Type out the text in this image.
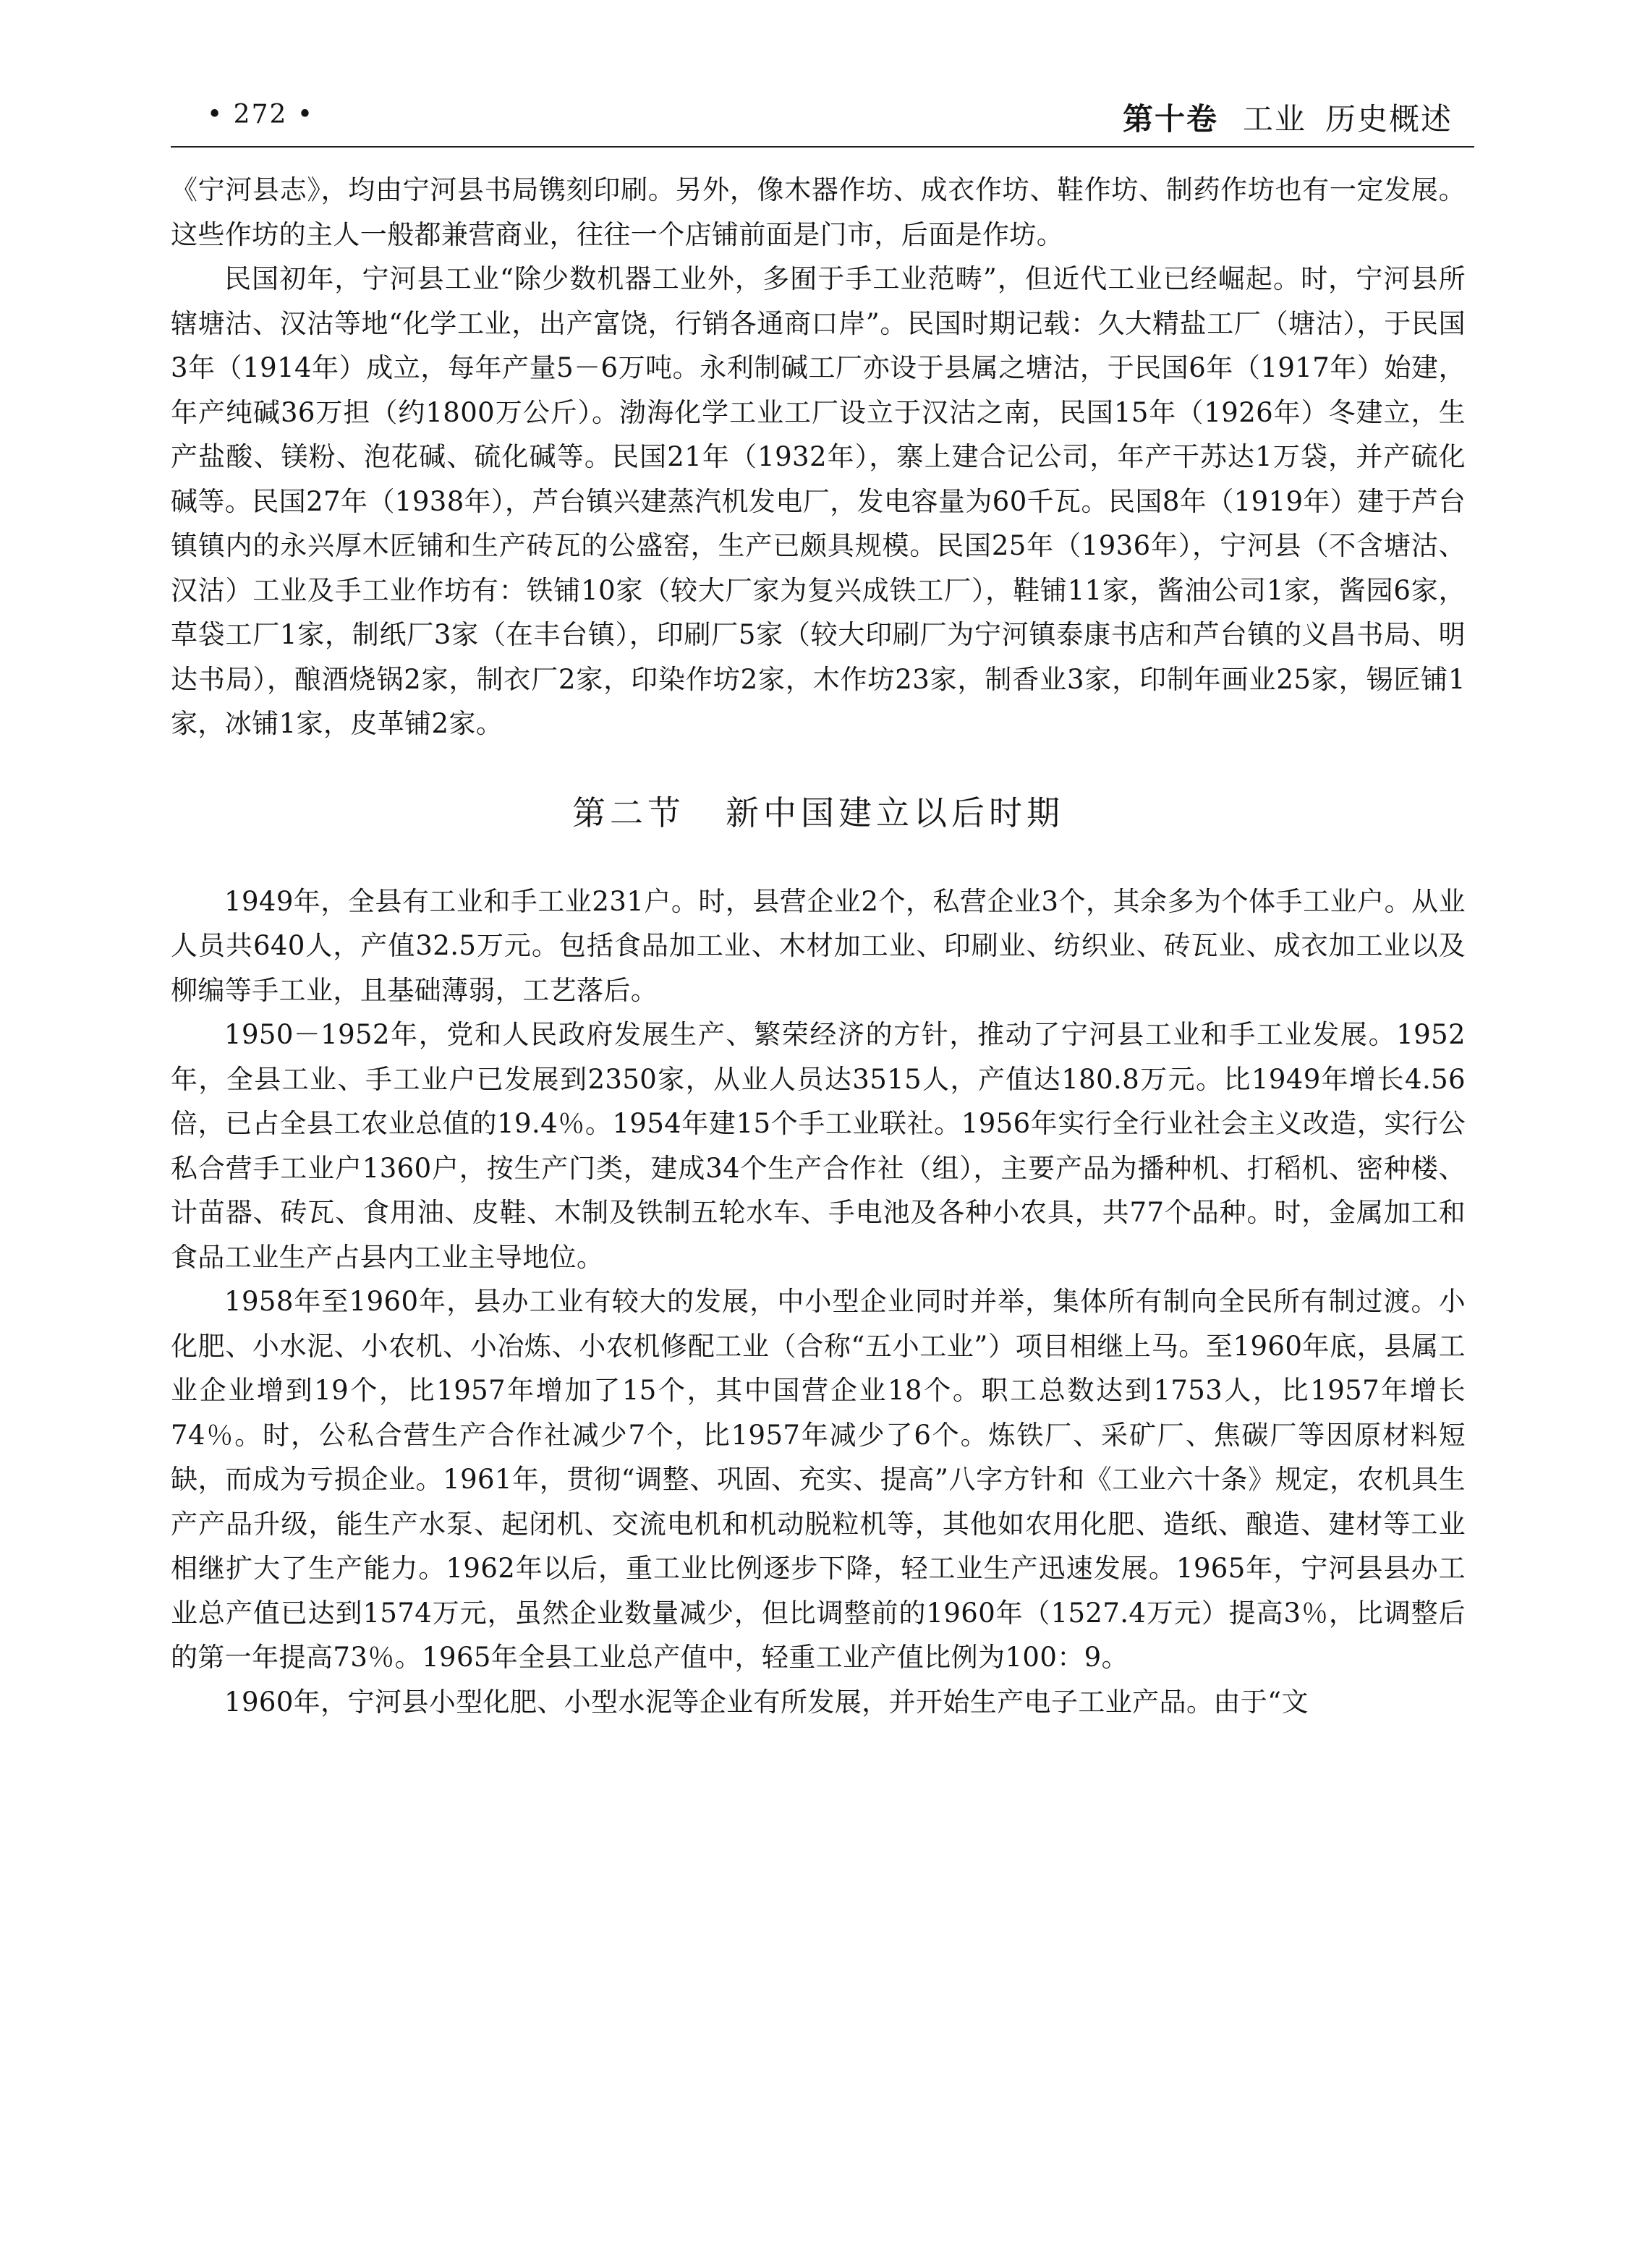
• 272 •	第十卷 工业 历史概述

《宁河县志》，均由宁河县书局镌刻印刷。另外，像木器作坊、成衣作坊、鞋作坊、制药作坊也有一定发展。这些作坊的主人一般都兼营商业，往往一个店铺前面是门市，后面是作坊。

民国初年，宁河县工业“除少数机器工业外，多囿于手工业范畴”，但近代工业已经崛起。时，宁河县所辖塘沽、汉沽等地“化学工业，出产富饶，行销各通商口岸”。民国时期记载：久大精盐工厂（塘沽），于民国3年（1914年）成立，每年产量5－6万吨。永利制碱工厂亦设于县属之塘沽，于民国6年（1917年）始建，年产纯碱36万担（约1800万公斤）。渤海化学工业工厂设立于汉沽之南，民国15年（1926年）冬建立，生产盐酸、镁粉、泡花碱、硫化碱等。民国21年（1932年），寨上建合记公司，年产干苏达1万袋，并产硫化碱等。民国27年（1938年），芦台镇兴建蒸汽机发电厂，发电容量为60千瓦。民国8年（1919年）建于芦台镇镇内的永兴厚木匠铺和生产砖瓦的公盛窑，生产已颇具规模。民国25年（1936年），宁河县（不含塘沽、汉沽）工业及手工业作坊有：铁铺10家（较大厂家为复兴成铁工厂），鞋铺11家，酱油公司1家，酱园6家，草袋工厂1家，制纸厂3家（在丰台镇），印刷厂5家（较大印刷厂为宁河镇泰康书店和芦台镇的义昌书局、明达书局），酿酒烧锅2家，制衣厂2家，印染作坊2家，木作坊23家，制香业3家，印制年画业25家，锡匠铺1家，冰铺1家，皮革铺2家。

第二节 新中国建立以后时期

1949年，全县有工业和手工业231户。时，县营企业2个，私营企业3个，其余多为个体手工业户。从业人员共640人，产值32.5万元。包括食品加工业、木材加工业、印刷业、纺织业、砖瓦业、成衣加工业以及柳编等手工业，且基础薄弱，工艺落后。

1950－1952年，党和人民政府发展生产、繁荣经济的方针，推动了宁河县工业和手工业发展。1952年，全县工业、手工业户已发展到2350家，从业人员达3515人，产值达180.8万元。比1949年增长4.56倍，已占全县工农业总值的19.4％。1954年建15个手工业联社。1956年实行全行业社会主义改造，实行公私合营手工业户1360户，按生产门类，建成34个生产合作社（组），主要产品为播种机、打稻机、密种楼、计苗器、砖瓦、食用油、皮鞋、木制及铁制五轮水车、手电池及各种小农具，共77个品种。时，金属加工和食品工业生产占县内工业主导地位。

1958年至1960年，县办工业有较大的发展，中小型企业同时并举，集体所有制向全民所有制过渡。小化肥、小水泥、小农机、小冶炼、小农机修配工业（合称“五小工业”）项目相继上马。至1960年底，县属工业企业增到19个，比1957年增加了15个，其中国营企业18个。职工总数达到1753人，比1957年增长74％。时，公私合营生产合作社减少7个，比1957年减少了6个。炼铁厂、采矿厂、焦碳厂等因原材料短缺，而成为亏损企业。1961年，贯彻“调整、巩固、充实、提高”八字方针和《工业六十条》规定，农机具生产产品升级，能生产水泵、起闭机、交流电机和机动脱粒机等，其他如农用化肥、造纸、酿造、建材等工业相继扩大了生产能力。1962年以后，重工业比例逐步下降，轻工业生产迅速发展。1965年，宁河县县办工业总产值已达到1574万元，虽然企业数量减少，但比调整前的1960年（1527.4万元）提高3％，比调整后的第一年提高73％。1965年全县工业总产值中，轻重工业产值比例为100：9。

1960年，宁河县小型化肥、小型水泥等企业有所发展，并开始生产电子工业产品。由于“文
